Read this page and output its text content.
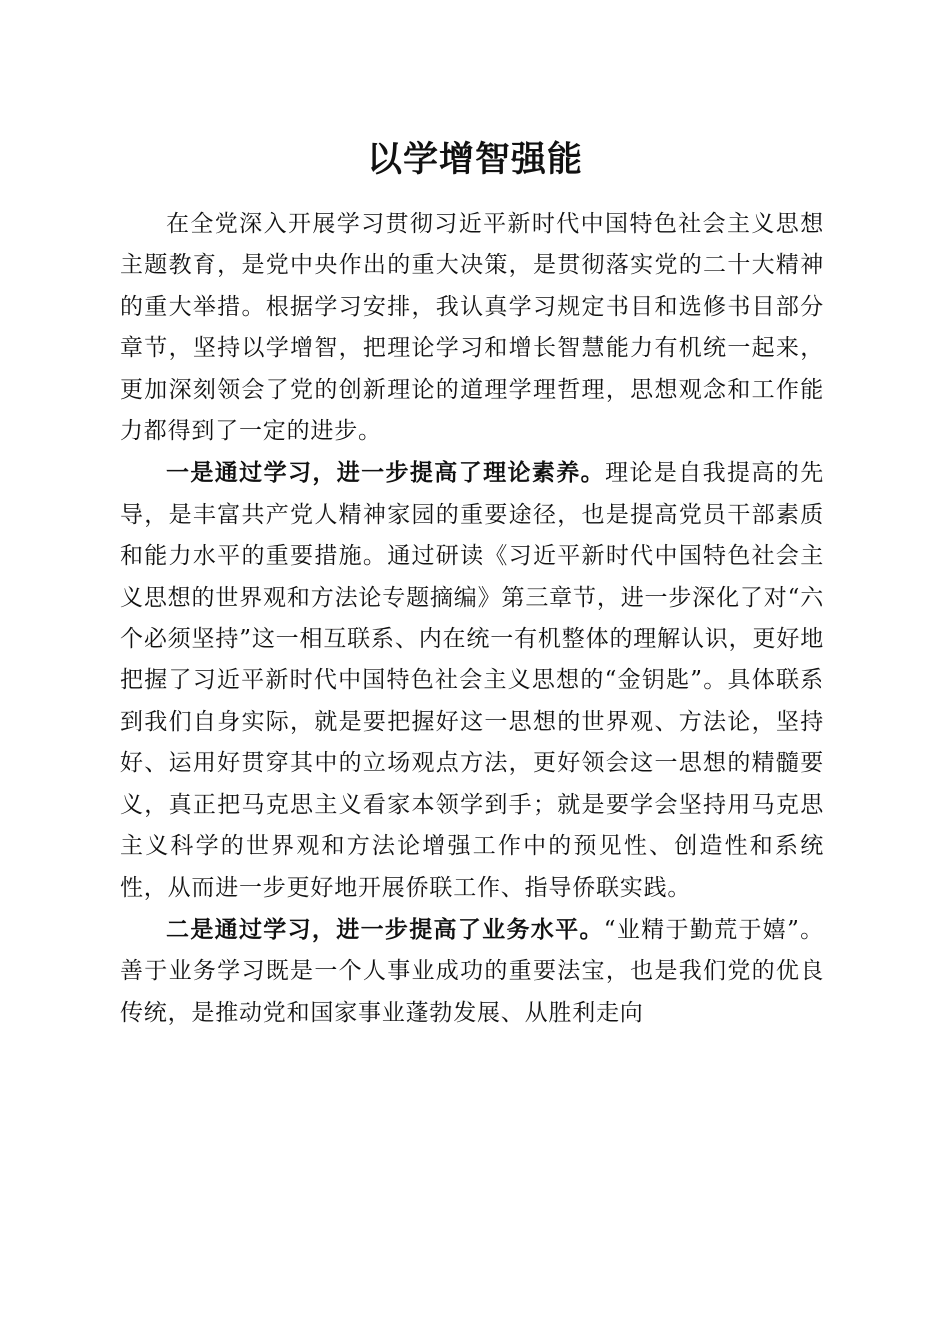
以学增智强能

在全党深入开展学习贯彻习近平新时代中国特色社会主义思想主题教育，是党中央作出的重大决策，是贯彻落实党的二十大精神的重大举措。根据学习安排，我认真学习规定书目和选修书目部分章节，坚持以学增智，把理论学习和增长智慧能力有机统一起来，更加深刻领会了党的创新理论的道理学理哲理，思想观念和工作能力都得到了一定的进步。

一是通过学习，进一步提高了理论素养。理论是自我提高的先导，是丰富共产党人精神家园的重要途径，也是提高党员干部素质和能力水平的重要措施。通过研读《习近平新时代中国特色社会主义思想的世界观和方法论专题摘编》第三章节，进一步深化了对“六个必须坚持”这一相互联系、内在统一有机整体的理解认识，更好地把握了习近平新时代中国特色社会主义思想的“金钥匙”。具体联系到我们自身实际，就是要把握好这一思想的世界观、方法论，坚持好、运用好贯穿其中的立场观点方法，更好领会这一思想的精髓要义，真正把马克思主义看家本领学到手；就是要学会坚持用马克思主义科学的世界观和方法论增强工作中的预见性、创造性和系统性，从而进一步更好地开展侨联工作、指导侨联实践。

二是通过学习，进一步提高了业务水平。“业精于勤荒于嬉”。善于业务学习既是一个人事业成功的重要法宝，也是我们党的优良传统，是推动党和国家事业蓬勃发展、从胜利走向
